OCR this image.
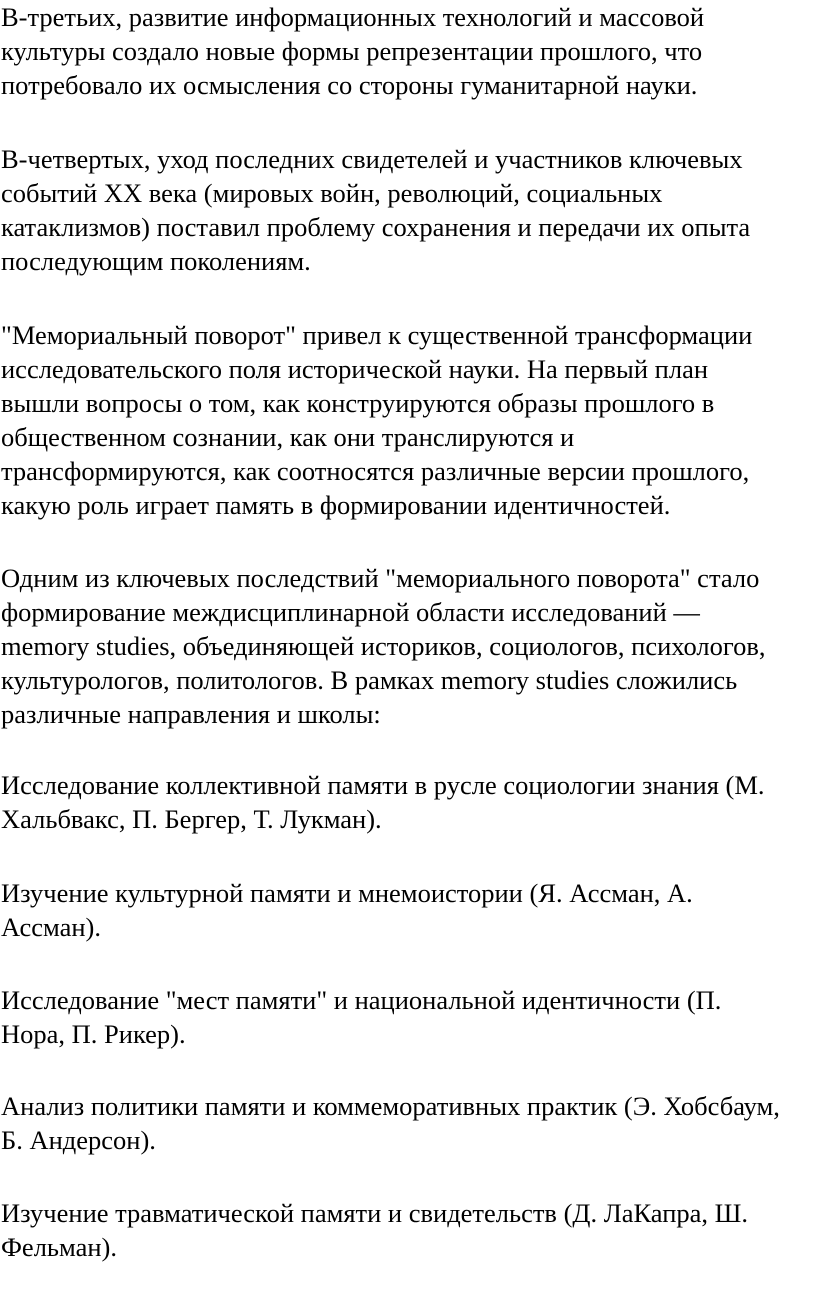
В-третьих, развитие информационных технологий и массовой
культуры создало новые формы репрезентации прошлого, что
потребовало их осмысления со стороны гуманитарной науки.

В-четвертых, уход последних свидетелей и участников ключевых
событий XX века (мировых войн, революций, социальных
катаклизмов) поставил проблему сохранения и передачи их опыта
последующим поколениям.

"Мемориальный поворот" привел к существенной трансформации
исследовательского поля исторической науки. На первый план
вышли вопросы о том, как конструируются образы прошлого в
общественном сознании, как они транслируются и
трансформируются, как соотносятся различные версии прошлого,
какую роль играет память в формировании идентичностей.

Одним из ключевых последствий "мемориального поворота" стало
формирование междисциплинарной области исследований —
memory studies, объединяющей историков, социологов, психологов,
культурологов, политологов. В рамках memory studies сложились
различные направления и школы:

Исследование коллективной памяти в русле социологии знания (М.
Хальбвакс, П. Бергер, Т. Лукман).

Изучение культурной памяти и мнемоистории (Я. Ассман, А.
Ассман).

Исследование "мест памяти" и национальной идентичности (П.
Нора, П. Рикер).

Анализ политики памяти и коммеморативных практик (Э. Хобсбаум,
Б. Андерсон).

Изучение травматической памяти и свидетельств (Д. ЛаКапра, Ш.
Фельман).
